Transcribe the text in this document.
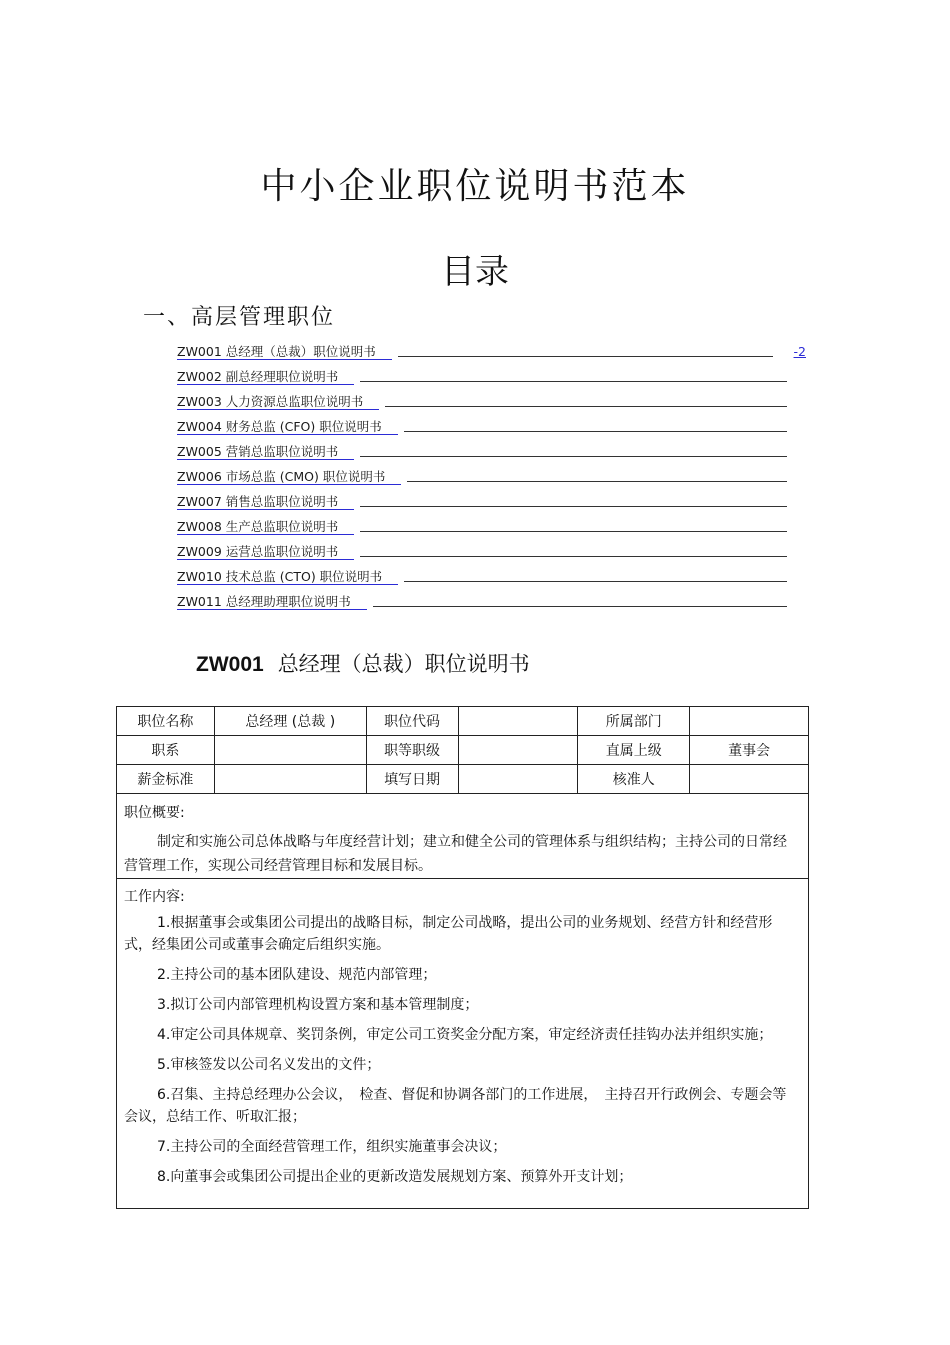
中小企业职位说明书范本
目录
一、高层管理职位
ZW001 总经理（总裁）职位说明书	-2
ZW002 副总经理职位说明书
ZW003 人力资源总监职位说明书
ZW004 财务总监 (CFO) 职位说明书
ZW005 营销总监职位说明书
ZW006 市场总监 (CMO) 职位说明书
ZW007 销售总监职位说明书
ZW008 生产总监职位说明书
ZW009 运营总监职位说明书
ZW010 技术总监 (CTO) 职位说明书
ZW011 总经理助理职位说明书
ZW001 总经理（总裁）职位说明书
职位名称	总经理 (总裁 )	职位代码		所属部门	
职系		职等职级		直属上级	董事会
薪金标准		填写日期		核准人	
职位概要:

制定和实施公司总体战略与年度经营计划；建立和健全公司的管理体系与组织结构；主持公司的日常经营管理工作，实现公司经营管理目标和发展目标。

工作内容:
1.根据董事会或集团公司提出的战略目标，制定公司战略，提出公司的业务规划、经营方针和经营形式，经集团公司或董事会确定后组织实施。
2.主持公司的基本团队建设、规范内部管理；
3.拟订公司内部管理机构设置方案和基本管理制度；
4.审定公司具体规章、奖罚条例，审定公司工资奖金分配方案，审定经济责任挂钩办法并组织实施；
5.审核签发以公司名义发出的文件；
6.召集、主持总经理办公会议，　检查、督促和协调各部门的工作进展，　主持召开行政例会、专题会等会议，总结工作、听取汇报；
7.主持公司的全面经营管理工作，组织实施董事会决议；
8.向董事会或集团公司提出企业的更新改造发展规划方案、预算外开支计划；
